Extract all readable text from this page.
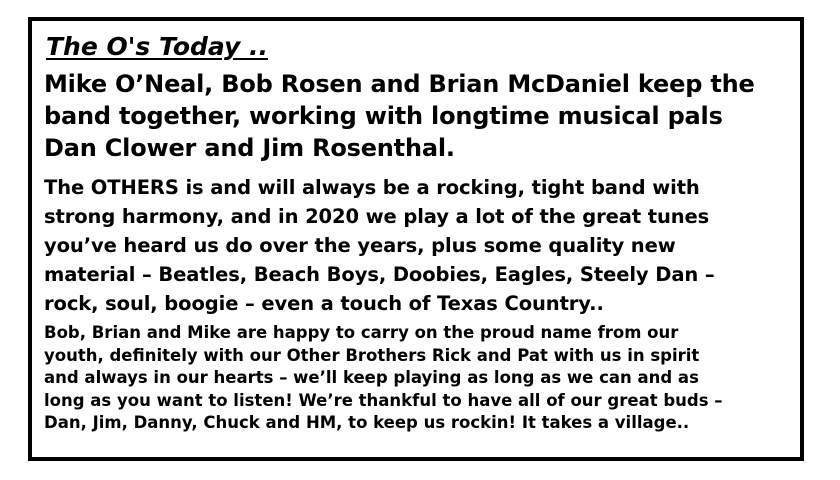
The O's Today ..

Mike O’Neal, Bob Rosen and Brian McDaniel keep the
band together, working with longtime musical pals
Dan Clower and Jim Rosenthal.

The OTHERS is and will always be a rocking, tight band with
strong harmony, and in 2020 we play a lot of the great tunes
you’ve heard us do over the years, plus some quality new
material – Beatles, Beach Boys, Doobies, Eagles, Steely Dan –
rock, soul, boogie – even a touch of Texas Country..

Bob, Brian and Mike are happy to carry on the proud name from our
youth, definitely with our Other Brothers Rick and Pat with us in spirit
and always in our hearts – we’ll keep playing as long as we can and as
long as you want to listen! We’re thankful to have all of our great buds –
Dan, Jim, Danny, Chuck and HM, to keep us rockin! It takes a village..
